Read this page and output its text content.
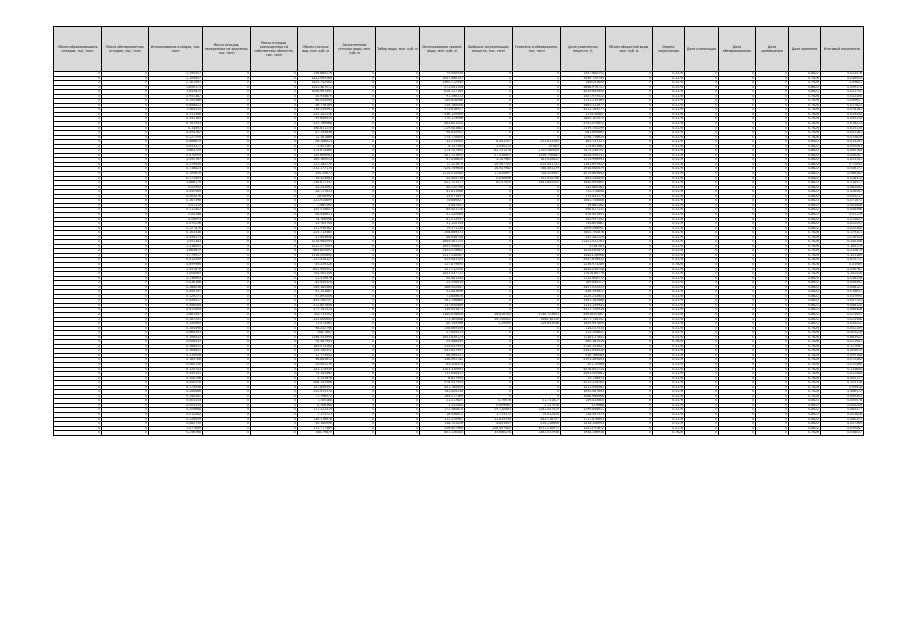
Объем образовавшихся отходов, тыс. тонн	Масса обезвреженных отходов, тыс. тонн	Использование отходов, тыс. тонн	Масса отходов, переданных на хранение, тыс. тонн	Масса отходов, размещенных на собственных объектах, тыс. тонн	Объем сточных вод, млн. куб. м	Загрязненные сточные воды, млн. куб. м	Забор воды, млн. куб. м	Использование свежей воды, млн. куб. м	Выбросы загрязняющих веществ, тыс. тонн	Уловлено и обезврежено, тыс. тонн	Доля уловленных веществ, %	Объем оборотной воды, млн. куб. м	Индекс загрязнения	Доля утилизации	Доля обезвреживания	Доля размещения	Доля хранения	Итоговый показатель
0	0	2.190557	0	0	156.669276	0	0	75.940000	0	0	1597.680251	0	0.3376	0	0	0	0.8622	0.023578
0	0	2.104657	0	0	1422.999184	0	0	1047.468157	0	0	1049.720750	0	0.3376	0	0	0	0.7626	0.036452
0	0	2.161261	0	0	1425.742080	0	0	2964.712995	0	0	1460.63659	0	0.3376	0	0	0	0.7626	0.09801
0	0	1.690173	0	0	1241.367072	0	0	271.061156	0	0	5646.976717	0	0.3176	0	0	0	0.8622	0.059370
0	0	1.843625	0	0	1056.961491	0	0	626.127169	0	0	4059.683609	0	0.3176	0	0	0	0.8622	0.011751
0	0	0.951387	0	0	45.934879	0	0	91.198172	0	0	1507.975012	0	0.3176	0	0	0	0.7626	0.012308
0	0	0.145368	0	0	96.430046	0	0	140.828068	0	0	2111.219169	0	0.3176	0	0	0	0.7626	0.049617
0	0	0.808412	0	0	58.776189	0	0	114.780006	0	0	3463.312677	0	0.3176	0	0	0	0.7626	0.017823
0	0	1.584531	0	0	136.329491	0	0	573.618917	0	0	4512.149577	0	0.3176	0	0	0	0.7626	0.076182
0	0	0.112396	0	0	222.102116	0	0	936.129589	0	0	1119.50887	0	0.3176	0	0	0	0.7626	0.019592
0	0	0.145165	0	0	95.668915	0	0	170.179996	0	0	2800.102075	0	0.3176	0	0	0	0.7626	0.045214
0	0	0.787933	0	0	231.769068	0	0	403.601520	0	0	4791.070612	0	0.3176	0	0	0	0.7626	0.018273
0	0	0.14491	0	0	168.811219	0	0	219.081681	0	0	2159.704199	0	0.3176	0	0	0	0.7626	0.015135
0	0	0.094762	0	0	47.193836	0	0	96.932957	0	0	981.890662	0	0.3176	0	0	0	0.7626	0.021161
0	0	0.127709	0	0	72.161869	0	0	174.770650	0	0	1256.716619	0	0.3176	0	0	0	0.7626	0.075619
0	0	0.088675	0	0	58.186414	0	0	33.213542	8.341297	203.431395	361.727127	0	0.3176	0	0	0	0.8622	0.013191
0	0	0.053377	0	0	3.501167	0	0	6.137264	0.050213	10.683	174.651661	0	0.3176	0	0	0	0.8622	0.095563
0	0	1.663725	0	0	375.670469	0	0	175.707495	62.751276	2705.980000	1473.208752	0	0.3176	0	0	0	0.8622	0.084788
0	0	0.470959	0	0	120.669063	0	0	301.721895	57.928802	2556.758982	4426.956231	0	0.3176	0	0	0	0.8622	0.006267
0	0	1.593767	0	0	169.169213	0	0	67.436820	3.147981	181.410637	1170.998993	0	0.3176	0	0	0	0.8622	0.023151
0	0	0.379416	0	0	121.183779	0	0	71.121879	10.587703	415.441751	1163.697637	0	0.3176	0	0	0	0.8622	0.72095
0	0	0.718823	0	0	212.177175	0	0	524.709608	18.937982	768.461179	1916.060079	0	0.3176	0	0	0	0.8622	0.036177
0	0	0.100614	0	0	200.20672	0	0	1214.014480	17.820897	758.329947	4079.863652	0	0.3176	0	0	0	0.8622	0.066382
0	0	0.172993	0	0	34.320863	0	0	55.409736	0.058998	102.920796	643.240859	0	0.3176	0	0	0	0.8622	0.028512
0	0	1.866176	0	0	256.677137	0	0	421.721577	62.97929	2941.645253	3840.695861	0	0.3176	0	0	0	0.8622	0.114577
0	0	0.02592	0	0	33.243061	0	0	30.220796	0	0	335.660385	0	0.3176	0	0	0	0.8622	0.082041
0	0	0.045569	0	0	28.717613	0	0	41.631968	0	0	713.178808	0	0.3176	0	0	0	0.8622	0.028501
0	0	0.003076	0	0	28.40902	0	0	13.971457	0	0	175.453775	0	0.3176	0	0	0	0.8622	0.005217
0	0	0.167398	0	0	121.910899	0	0	74.686927	0	0	1081.758608	0	0.3176	0	0	0	0.8622	0.071871
0	0	0.01119	0	0	7.982163	0	0	3.467451	0	0	19.661182	0	0.3176	0	0	0	0.8622	0.003488
0	0	0.112402	0	0	145.578847	0	0	84.441718	0	0	306.817131	0	0.3176	0	0	0	0.8622	0.008586
0	0	0.00188	0	0	58.446813	0	0	51.120084	0	0	416.001951	0	0.3176	0	0	0	0.8622	0.01119
0	0	0.06093	0	0	78.766906	0	0	61.572037	0	0	543.997152	0	0.3176	0	0	0	0.8622	0.014827
0	0	0.070236	0	0	53.763744	0	0	31.120134	0	0	734.851681	0	0.3176	0	0	0	0.8622	0.022351
0	0	0.127878	0	0	151.936362	0	0	79.171126	0	0	1509.398061	0	0.3176	0	0	0	0.8622	0.023380
0	0	0.103338	0	0	225.713565	0	0	358.869573	0	0	5405.792876	0	0.3176	0	0	0	0.7626	0.179311
0	0	0.054173	0	0	37.405658	0	0	46.458738	0	0	332.342129	0	0.3176	0	0	0	0.7626	0.018343
0	0	1.591163	0	0	1276.980049	0	0	2649.581715	0	0	11201.022763	0	0.3176	0	0	0	0.7626	0.330106
0	0	2.318401	0	0	1412.271009	0	0	2651.948851	0	0	9738.563	0	0.3176	0	0	0	0.7626	0.184179
0	0	1.663672	0	0	889.805497	0	0	1353.379602	0	0	10243.62873	0	0.3176	0	0	0	0.7626	0.233875
0	0	1.779517	0	0	1118.592890	0	0	1237.238067	0	0	10841.36966	0	0.3176	0	0	0	0.7626	0.325389
0	0	0.512539	0	0	227.530327	0	0	413.583155	0	0	5947.676432	0	0.3176	0	0	0	0.7626	0.475771
0	0	0.699966	0	0	45.339326	0	0	127.879690	0	0	1236.973289	0	0.7626	0	0	0	0.7626	0.03989
0	0	1.591678	0	0	602.950552	0	0	337.712250	0	0	2630.038728	0	0.3176	0	0	0	0.7626	0.046781
0	0	1.008065	0	0	704.585306	0	0	1851.337711	0	0	17818.66778	0	0.3176	0	0	0	0.7626	0.342516
0	0	0.118993	0	0	22.376678	0	0	54.481244	0	0	1125.608772	0	0.3176	0	0	0	0.8622	0.016338
0	0	0.036168	0	0	45.454326	0	0	25.316034	0	0	169.848117	0	0.3176	0	0	0	0.8622	0.008591
0	0	0.288038	0	0	240.182464	0	0	386.552447	0	0	2457.032019	0	0.3176	0	0	0	0.8622	0.048127
0	0	0.009191	0	0	92.102887	0	0	91.983698	0	0	946.349811	0	0.3176	0	0	0	0.8622	0.016611
0	0	0.129271	0	0	97.893306	0	0	71.849678	0	0	1220.213603	0	0.3176	0	0	0	0.8622	0.017991
0	0	0.458517	0	0	445.764757	0	0	261.746884	0	0	2581.162488	0	0.3176	0	0	0	0.8622	0.047703
0	0	0.546544	0	0	272.807806	0	0	137.830489	0	0	1231.159931	0	0.3176	0	0	0	0.8622	0.048124
0	0	0.411004	0	0	277.781310	0	0	134.591873	0	0	4317.720918	0	0.3176	0	0	0	0.8622	0.068486
0	0	1.681547	0	0	704.733202	0	0	1380.678608	36.816763	5748.723653	49818.67867	0	0.3176	0	0	0	0.8622	0.073491
0	0	0.187291	0	0	332.060649	0	0	771.385468	36.258402	1668.38128	4077.738152	0	0.3176	0	0	0	0.8622	0.023586
0	0	0.150985	0	0	71.572061	0	0	40.159398	2.29595	129.853938	1409.997809	0	0.3176	0	0	0	0.8622	0.034211
0	0	0.184498	0	0	96.242798	0	0	156.669349	0	0	1142.07533	0	0.3176	0	0	0	0.7626	0.002109
0	0	0.664393	0	0	308.7807	0	0	27.009213	0	0	215.144831	0	0.3176	0	0	0	0.7626	0.003216
0	0	0.106432	0	0	1196.353994	0	0	3501.839175	0	0	11161.27851	0	0.3176	0	0	0	0.7626	0.683921
0	0	0.006311	0	0	70.567900	0	0	55.468049	0	0	580.181516	0	0.7626	0	0	0	0.7626	0.011001
0	0	0.168431	0	0	184.913164	0	0	254.047933	0	0	2700.103637	0	0.3176	0	0	0	0.7626	0.127081
0	0	0.164601	0	0	120.789312	0	0	431.007597	0	0	4181.944526	0	0.3176	0	0	0	0.7626	0.004070
0	0	0.110928	0	0	12.175445	0	0	48.069121	0	0	530.766089	0	0.3176	0	0	0	0.7626	0.009168
0	0	0.183708	0	0	98.883812	0	0	338.092781	0	0	5191.263455	0	0.3176	0	0	0	0.7626	0.072082
0	0	0.060116	0	0	29.961276	0	0	89.326374	0	0	351.15966	0	0.3176	0	0	0	0.7626	0.012488
0	0	0.124743	0	0	103.175939	0	0	1203.330993	0	0	4578.852714	0	0.3176	0	0	0	0.7626	0.115604
0	0	0.050141	0	0	75.181862	0	0	133.658412	0	0	2063.000681	0	0.3176	0	0	0	0.7626	0.022084
0	0	0.206796	0	0	3.151878	0	0	6.827994	0	0	13.736673	0	0.3176	0	0	0	0.7626	0.000117
0	0	0.440516	0	0	288.143966	0	0	978.937955	0	0	4512.378265	0	0.3176	0	0	0	0.7626	0.125716
0	0	0.170438	0	0	157.849357	0	0	431.780659	0	0	1311.958961	0	0.3176	0	0	0	0.7626	0.09418
0	0	0.288486	0	0	235.413176	0	0	781.404138	0	0	3090.087643	0	0.3176	0	0	0	0.7626	0.086372
0	0	0.148161	0	0	77.796573	0	0	264.177169	0	0	3086.968466	0	0.3176	0	0	0	0.7626	0.045303
0	0	0.003103	0	0	7.785168	0	0	21.217625	0.76976	31.731817	109.433800	0	0.3176	0	0	0	0.8622	0.000578
0	0	0.003114	0	0	0.708164	0	0	1.102484	0.009462	2.127516	11.9688	0	0.3176	0	0	0	0.8622	0.000206
0	0	0.209688	0	0	111.321519	0	0	172.380614	29.118463	1282.047419	2299.608611	0	0.3176	0	0	0	0.8622	0.065377
0	0	0.015262	0	0	7.173713	0	0	18.936811	1.713172	79.012414	128.347579	0	0.3176	0	0	0	0.8622	0.003626
0	0	0.126009	0	0	150.116878	0	0	311.378981	12.835538	583.516757	2717.876659	0	0.3176	0	0	0	0.8622	0.080371
0	0	0.062739	0	0	50.160096	0	0	138.701026	4.891497	214.118695	1418.126903	0	0.3176	0	0	0	0.8622	0.027369
0	0	1.477649	0	0	373.777489	0	0	556.407966	146.497442	5011.216971	10813.91812	0	0.3176	0	0	0	0.8622	0.039067
0	0	0.256768	0	0	148.79879	0	0	401.126380	33.686178	1362.057936	1958.156936	0	0.7626	0	0	0	0.7626	0.038037
